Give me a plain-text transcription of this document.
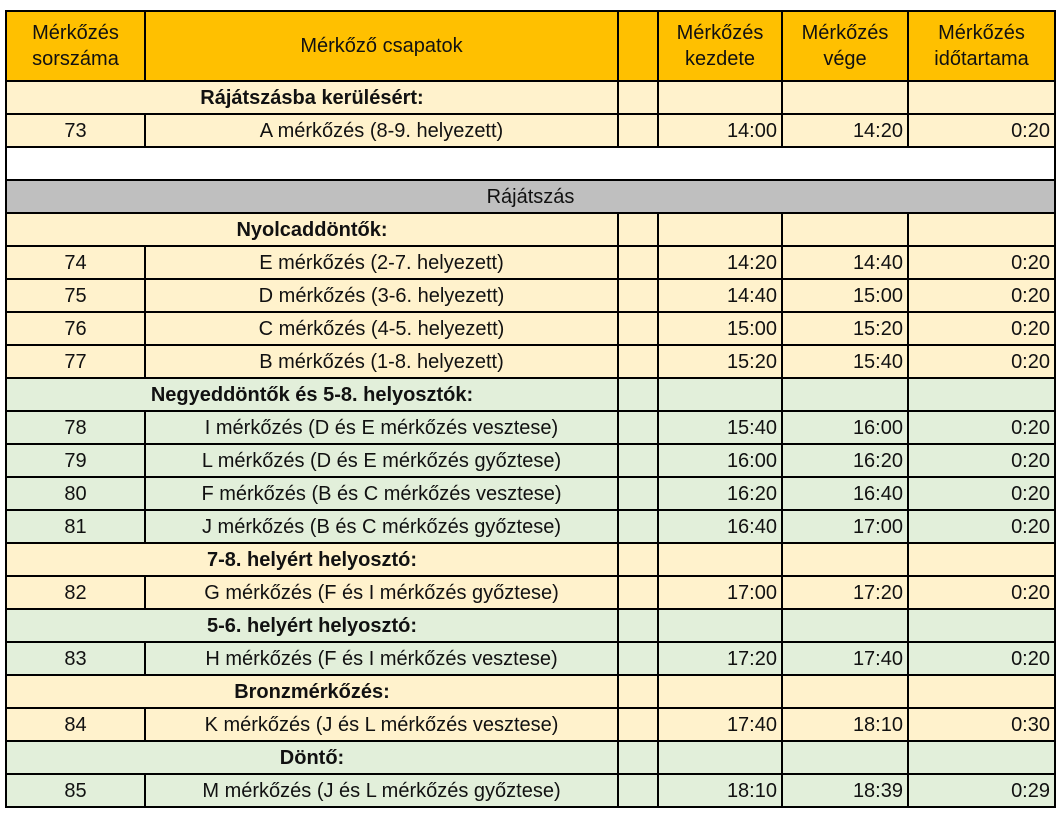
Mérkőzés sorszáma	Mérkőző csapatok		Mérkőzés kezdete	Mérkőzés vége	Mérkőzés időtartama
Rájátszásba kerülésért:					
73	A mérkőzés (8-9. helyezett)		14:00	14:20	0:20

Rájátszás					
Nyolcaddöntők:					
74	E mérkőzés (2-7. helyezett)		14:20	14:40	0:20
75	D mérkőzés (3-6. helyezett)		14:40	15:00	0:20
76	C mérkőzés (4-5. helyezett)		15:00	15:20	0:20
77	B mérkőzés (1-8. helyezett)		15:20	15:40	0:20
Negyeddöntők és 5-8. helyosztók:					
78	I mérkőzés (D és E mérkőzés vesztese)		15:40	16:00	0:20
79	L mérkőzés (D és E mérkőzés győztese)		16:00	16:20	0:20
80	F mérkőzés (B és C mérkőzés vesztese)		16:20	16:40	0:20
81	J mérkőzés (B és C mérkőzés győztese)		16:40	17:00	0:20
7-8. helyért helyosztó:					
82	G mérkőzés (F és I mérkőzés győztese)		17:00	17:20	0:20
5-6. helyért helyosztó:					
83	H mérkőzés (F és I mérkőzés vesztese)		17:20	17:40	0:20
Bronzmérkőzés:					
84	K mérkőzés (J és L mérkőzés vesztese)		17:40	18:10	0:30
Döntő:					
85	M mérkőzés (J és L mérkőzés győztese)		18:10	18:39	0:29
